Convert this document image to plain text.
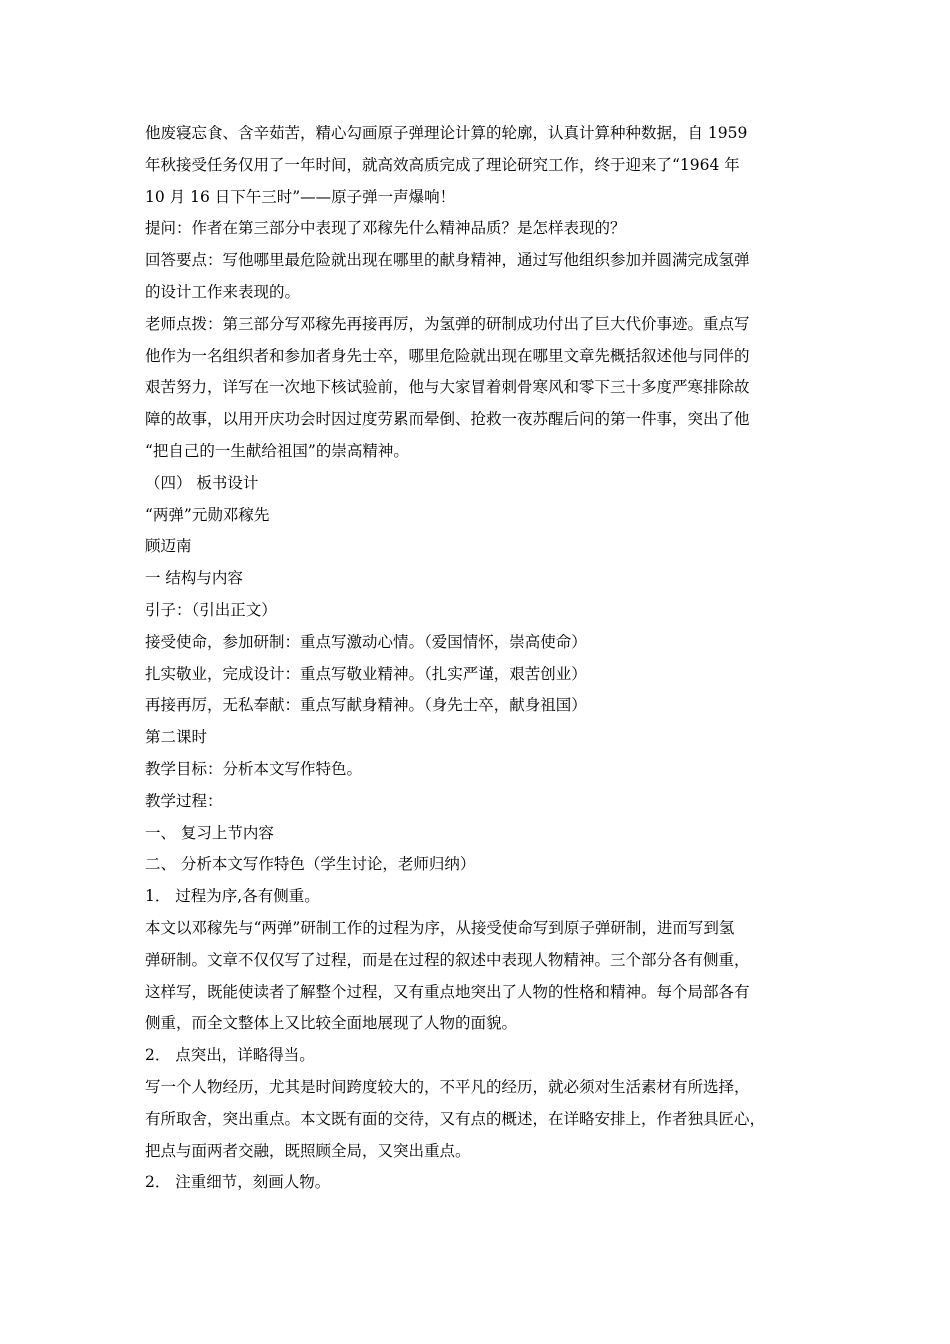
他废寝忘食、含辛茹苦，精心勾画原子弹理论计算的轮廓，认真计算种种数据，自 1959
年秋接受任务仅用了一年时间，就高效高质完成了理论研究工作，终于迎来了“1964 年
10 月 16 日下午三时”——原子弹一声爆响！
提问：作者在第三部分中表现了邓稼先什么精神品质？是怎样表现的？
回答要点：写他哪里最危险就出现在哪里的献身精神，通过写他组织参加并圆满完成氢弹
的设计工作来表现的。
老师点拨：第三部分写邓稼先再接再厉，为氢弹的研制成功付出了巨大代价事迹。重点写
他作为一名组织者和参加者身先士卒，哪里危险就出现在哪里文章先概括叙述他与同伴的
艰苦努力，详写在一次地下核试验前，他与大家冒着刺骨寒风和零下三十多度严寒排除故
障的故事，以用开庆功会时因过度劳累而晕倒、抢救一夜苏醒后问的第一件事，突出了他
“把自己的一生献给祖国”的崇高精神。
（四） 板书设计
“两弹”元勋邓稼先
顾迈南
一 结构与内容
引子：（引出正文）
接受使命，参加研制：重点写激动心情。（爱国情怀，崇高使命）
扎实敬业，完成设计：重点写敬业精神。（扎实严谨，艰苦创业）
再接再厉，无私奉献：重点写献身精神。（身先士卒，献身祖国）
第二课时
教学目标：分析本文写作特色。
教学过程：
一、 复习上节内容
二、 分析本文写作特色（学生讨论，老师归纳）
1． 过程为序,各有侧重。
本文以邓稼先与“两弹”研制工作的过程为序，从接受使命写到原子弹研制，进而写到氢
弹研制。文章不仅仅写了过程，而是在过程的叙述中表现人物精神。三个部分各有侧重，
这样写，既能使读者了解整个过程，又有重点地突出了人物的性格和精神。每个局部各有
侧重，而全文整体上又比较全面地展现了人物的面貌。
2． 点突出，详略得当。
写一个人物经历，尤其是时间跨度较大的，不平凡的经历，就必须对生活素材有所选择，
有所取舍，突出重点。本文既有面的交待，又有点的概述，在详略安排上，作者独具匠心，
把点与面两者交融，既照顾全局，又突出重点。
2． 注重细节，刻画人物。
